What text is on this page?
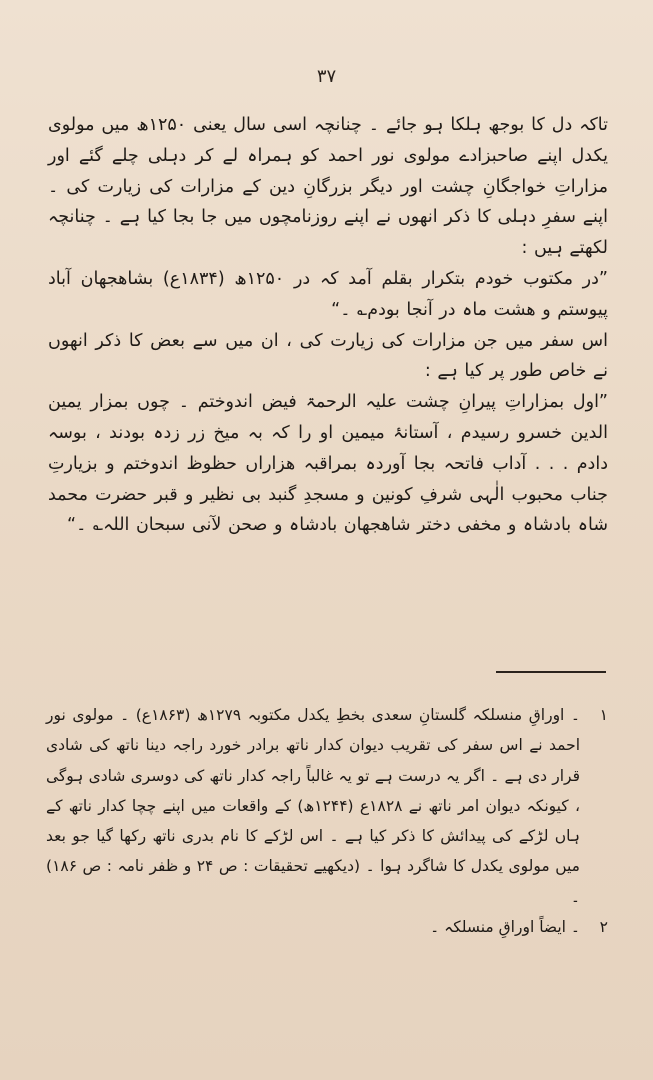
۳۷

تاکہ دل کا بوجھ ہلکا ہو جائے ۔ چنانچہ اسی سال یعنی ۱۲۵۰ھ میں مولوی یکدل اپنے صاحبزادے مولوی نور احمد کو ہمراہ لے کر دہلی چلے گئے اور مزاراتِ خواجگانِ چشت اور دیگر بزرگانِ دین کے مزارات کی زیارت کی ۔ اپنے سفرِ دہلی کا ذکر انھوں نے اپنے روزنامچوں میں جا بجا کیا ہے ۔ چنانچہ لکھتے ہیں :

”در مکتوب خودم بتکرار بقلم آمد کہ در ۱۲۵۰ھ (۱۸۳۴ع) بشاھجھان آباد پیوستم و ھشت ماہ در آنجا بودم؎ ۔“

اس سفر میں جن مزارات کی زیارت کی ، ان میں سے بعض کا ذکر انھوں نے خاص طور پر کیا ہے :

”اول بمزاراتِ پیرانِ چشت علیہ الرحمۃ فیض اندوختم ۔ چوں بمزار یمین الدین خسرو رسیدم ، آستانۂ میمین او را کہ بہ میخ زر زدہ بودند ، بوسہ دادم . . . آداب فاتحہ بجا آوردہ بمراقبہ ھزاراں حظوظ اندوختم و بزیارتِ جناب محبوب الٰہی شرفِ کونین و مسجدِ گنبد بی نظیر و قبر حضرت محمد شاہ بادشاہ و مخفی دختر شاھجھان بادشاہ و صحن لآنی سبحان اللہ؎ ۔“

۱
۔ اوراقِ منسلکہ گلستانِ سعدی بخطِ یکدل مکتوبہ ۱۲۷۹ھ (۱۸۶۳ع) ۔ مولوی نور احمد نے اس سفر کی تقریب دیوان کدار ناتھ برادر خورد راجہ دینا ناتھ کی شادی قرار دی ہے ۔ اگر یہ درست ہے تو یہ غالباً راجہ کدار ناتھ کی دوسری شادی ہوگی ، کیونکہ دیوان امر ناتھ نے ۱۸۲۸ع (۱۲۴۴ھ) کے واقعات میں اپنے چچا کدار ناتھ کے ہاں لڑکے کی پیدائش کا ذکر کیا ہے ۔ اس لڑکے کا نام بدری ناتھ رکھا گیا جو بعد میں مولوی یکدل کا شاگرد ہوا ۔ (دیکھیے تحقیقات : ص ۲۴ و ظفر نامہ : ص ۱۸۶) ۔
۲
۔ ایضاً اوراقِ منسلکہ ۔
